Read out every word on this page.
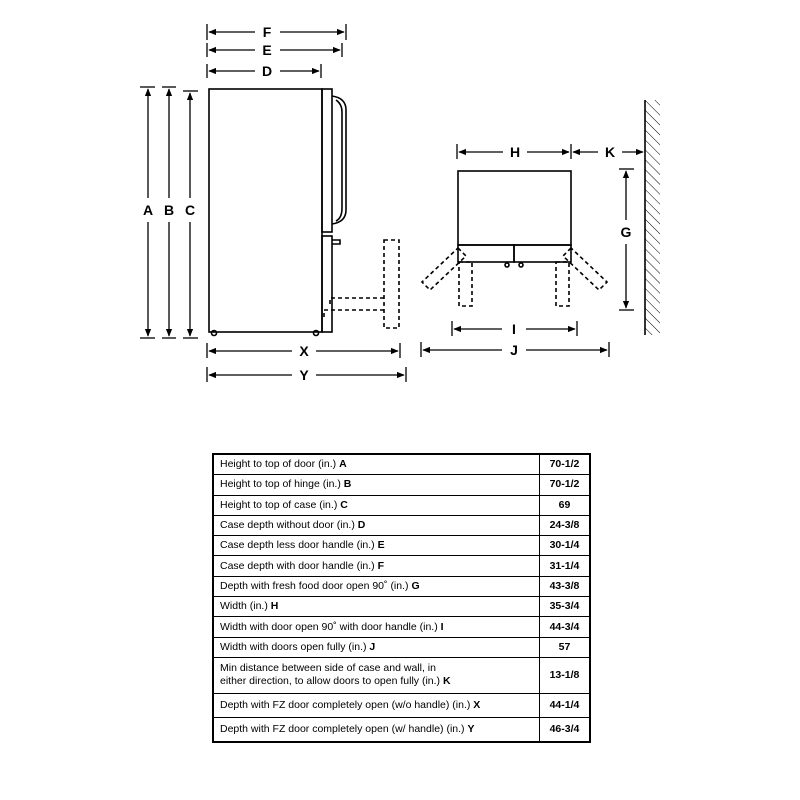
F
E
D
A B C
X
Y
H	K
G
I
J
Height to top of door (in.) A	70-1/2
Height to top of hinge (in.) B	70-1/2
Height to top of case (in.) C	69
Case depth without door (in.) D	24-3/8
Case depth less door handle (in.) E	30-1/4
Case depth with door handle (in.) F	31-1/4
Depth with fresh food door open 90˚ (in.) G	43-3/8
Width (in.) H	35-3/4
Width with door open 90˚ with door handle (in.) I	44-3/4
Width with doors open fully (in.) J	57
Min distance between side of case and wall, in
either direction, to allow doors to open fully (in.) K	13-1/8
Depth with FZ door completely open (w/o handle) (in.) X	44-1/4
Depth with FZ door completely open (w/ handle) (in.) Y	46-3/4
